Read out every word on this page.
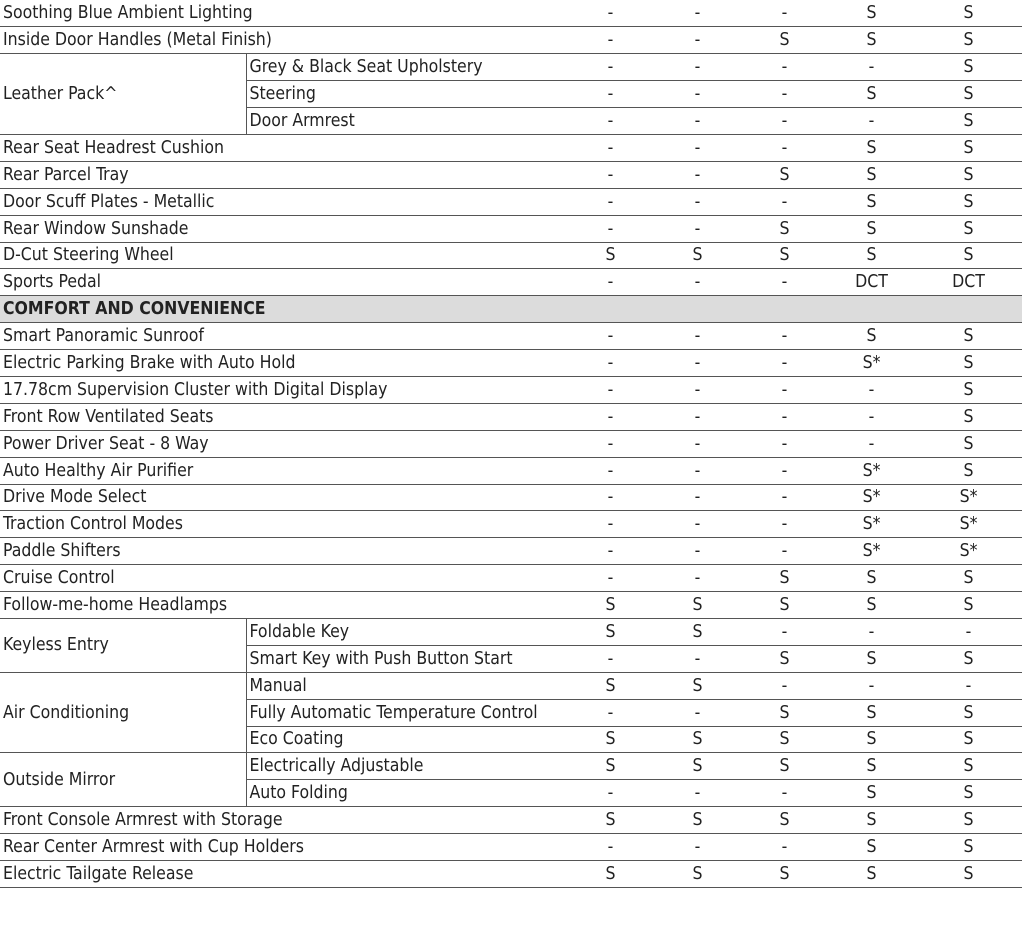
Soothing Blue Ambient Lighting		-	-	-	S	S
Inside Door Handles (Metal Finish)		-	-	S	S	S
Leather Pack^	Grey & Black Seat Upholstery	-	-	-	-	S
	Steering	-	-	-	S	S
	Door Armrest	-	-	-	-	S
Rear Seat Headrest Cushion		-	-	-	S	S
Rear Parcel Tray		-	-	S	S	S
Door Scuff Plates - Metallic		-	-	-	S	S
Rear Window Sunshade		-	-	S	S	S
D-Cut Steering Wheel		S	S	S	S	S
Sports Pedal		-	-	-	DCT	DCT
COMFORT AND CONVENIENCE						
Smart Panoramic Sunroof		-	-	-	S	S
Electric Parking Brake with Auto Hold		-	-	-	S*	S
17.78cm Supervision Cluster with Digital Display		-	-	-	-	S
Front Row Ventilated Seats		-	-	-	-	S
Power Driver Seat - 8 Way		-	-	-	-	S
Auto Healthy Air Purifier		-	-	-	S*	S
Drive Mode Select		-	-	-	S*	S*
Traction Control Modes		-	-	-	S*	S*
Paddle Shifters		-	-	-	S*	S*
Cruise Control		-	-	S	S	S
Follow-me-home Headlamps		S	S	S	S	S
Keyless Entry	Foldable Key	S	S	-	-	-
	Smart Key with Push Button Start	-	-	S	S	S
Air Conditioning	Manual	S	S	-	-	-
	Fully Automatic Temperature Control	-	-	S	S	S
	Eco Coating	S	S	S	S	S
Outside Mirror	Electrically Adjustable	S	S	S	S	S
	Auto Folding	-	-	-	S	S
Front Console Armrest with Storage		S	S	S	S	S
Rear Center Armrest with Cup Holders		-	-	-	S	S
Electric Tailgate Release		S	S	S	S	S
